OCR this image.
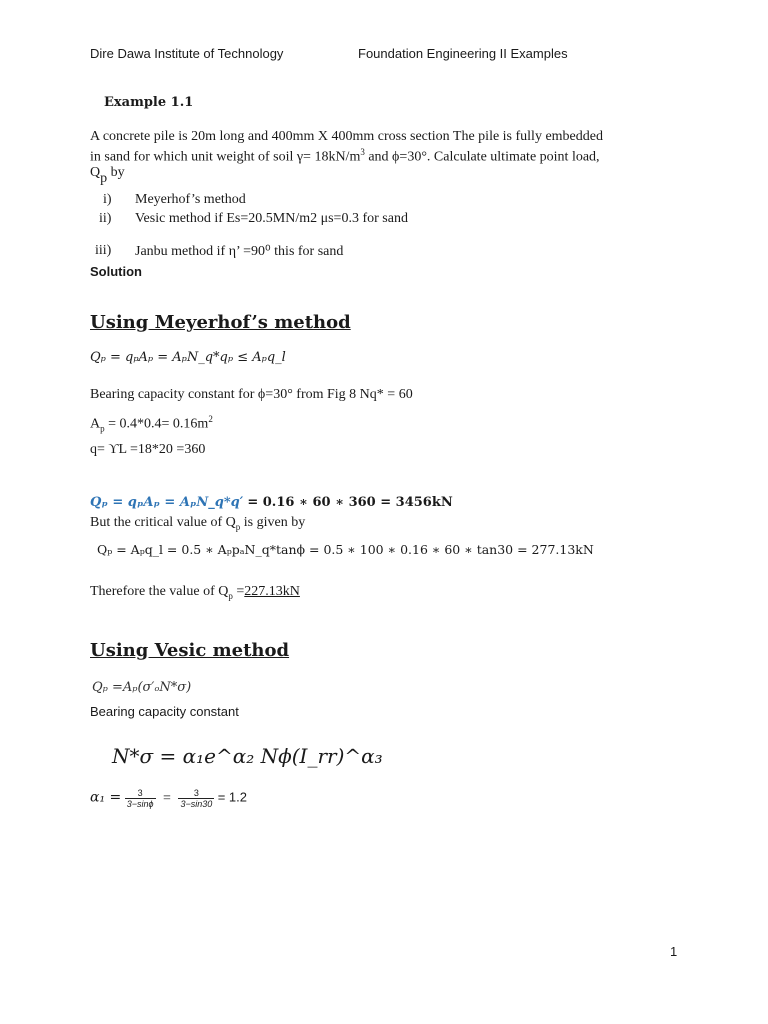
Dire Dawa Institute of Technology	Foundation Engineering II Examples
Example 1.1
A concrete pile is 20m long and 400mm X 400mm cross section The pile is fully embedded
in sand for which unit weight of soil $\gamma= 18kN/m^3$ and ϕ=30°. Calculate ultimate point load,
$Q_p$ by
i) Meyerhof’s method
ii) Vesic method if Es=20.5MN/m2 μs=0.3 for sand
iii) Janbu method if η’ =90⁰ this for sand
Solution
Using Meyerhof’s method
Qₚ = qₚAₚ = AₚN_q*qₚ ≤ Aₚq_l
Bearing capacity constant for ϕ=30° from Fig 8 Nq* = 60
$A_p = 0.4*0.4= 0.16m^2$
q= ϒL =18*20 =360
Qₚ = qₚAₚ = AₚN_q*q′ = 0.16 ∗ 60 ∗ 360 = 3456kN
But the critical value of $Q_p$ is given by
Qₚ = Aₚq_l = 0.5 ∗ AₚpₐN_q*tanϕ = 0.5 ∗ 100 ∗ 0.16 ∗ 60 ∗ tan30 = 277.13kN
Therefore the value of $Q_p =227.13kN$
Using Vesic method
Qₚ =Aₚ(σ′ₒN*σ)
Bearing capacity constant
N*σ = α₁e^α₂ Nϕ(I_rr)^α₃
$\alpha_1 = \frac{3}{3-\sin\phi} = \frac{3}{3-\sin 30} = 1.2$
1
